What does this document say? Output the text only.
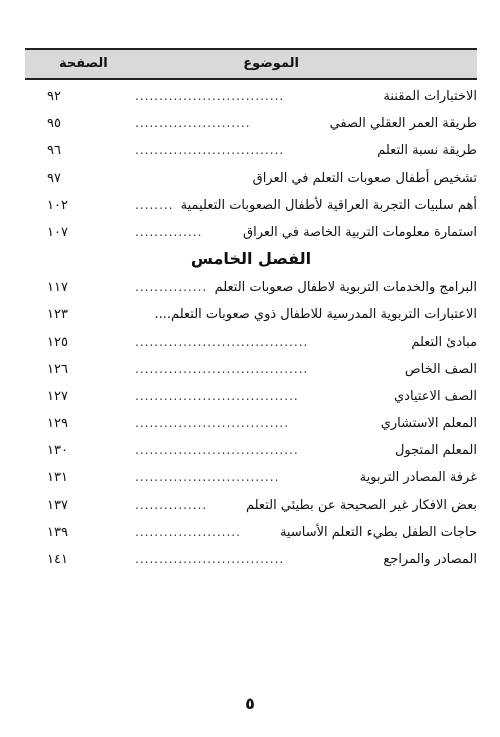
الموضوع
الصفحة
الاختبارات المقننة
...............................
٩٢
طريقة العمر العقلي الصفي
........................
٩٥
طريقة نسبة التعلم
...............................
٩٦
تشخيص أطفال صعوبات التعلم في العراق
٩٧
أهم سلبيات التجربة العراقية لأطفال الصعوبات التعليمية
........
١٠٢
استمارة معلومات التربية الخاصة في العراق
..............
١٠٧
الفصل الخامس
البرامج والخدمات التربوية لاطفال صعوبات التعلم
...............
١١٧
الاعتبارات التربوية المدرسية للاطفال ذوي صعوبات التعلم....
١٢٣
مبادئ التعلم
....................................
١٢٥
الصف الخاص
....................................
١٢٦
الصف الاعتيادي
..................................
١٢٧
المعلم الاستشاري
................................
١٢٩
المعلم المتجول
..................................
١٣٠
غرفة المصادر التربوية
..............................
١٣١
بعض الافكار غير الصحيحة عن بطيئي التعلم
...............
١٣٧
حاجات الطفل بطيء التعلم الأساسية
......................
١٣٩
المصادر والمراجع
...............................
١٤١
٥
